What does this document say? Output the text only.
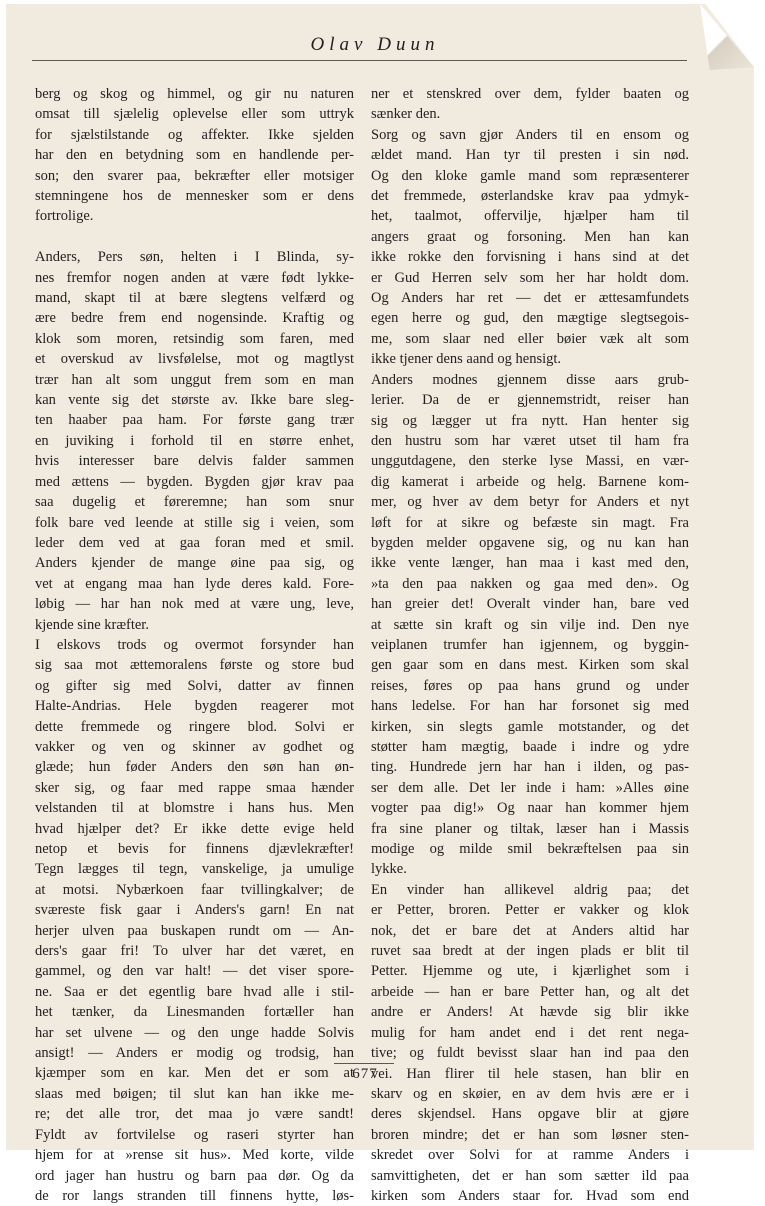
Olav Duun
berg og skog og himmel, og gir nu naturen
omsat till sjælelig oplevelse eller som uttryk
for sjælstilstande og affekter. Ikke sjelden
har den en betydning som en handlende per-
son; den svarer paa, bekræfter eller motsiger
stemningene hos de mennesker som er dens
fortrolige.
Anders, Pers søn, helten i I Blinda, sy-
nes fremfor nogen anden at være født lykke-
mand, skapt til at bære slegtens velfærd og
ære bedre frem end nogensinde. Kraftig og
klok som moren, retsindig som faren, med
et overskud av livsfølelse, mot og magtlyst
trær han alt som unggut frem som en man
kan vente sig det største av. Ikke bare sleg-
ten haaber paa ham. For første gang trær
en juviking i forhold til en større enhet,
hvis interesser bare delvis falder sammen
med ættens — bygden. Bygden gjør krav paa
saa dugelig et føreremne; han som snur
folk bare ved leende at stille sig i veien, som
leder dem ved at gaa foran med et smil.
Anders kjender de mange øine paa sig, og
vet at engang maa han lyde deres kald. Fore-
løbig — har han nok med at være ung, leve,
kjende sine kræfter.
I elskovs trods og overmot forsynder han
sig saa mot ættemoralens første og store bud
og gifter sig med Solvi, datter av finnen
Halte-Andrias. Hele bygden reagerer mot
dette fremmede og ringere blod. Solvi er
vakker og ven og skinner av godhet og
glæde; hun føder Anders den søn han øn-
sker sig, og faar med rappe smaa hænder
velstanden til at blomstre i hans hus. Men
hvad hjælper det? Er ikke dette evige held
netop et bevis for finnens djævlekræfter!
Tegn lægges til tegn, vanskelige, ja umulige
at motsi. Nybærkoen faar tvillingkalver; de
sværeste fisk gaar i Anders's garn! En nat
herjer ulven paa buskapen rundt om — An-
ders's gaar fri! To ulver har det været, en
gammel, og den var halt! — det viser spore-
ne. Saa er det egentlig bare hvad alle i stil-
het tænker, da Linesmanden fortæller han
har set ulvene — og den unge hadde Solvis
ansigt! — Anders er modig og trodsig, han
kjæmper som en kar. Men det er som at
slaas med bøigen; til slut kan han ikke me-
re; det alle tror, det maa jo være sandt!
Fyldt av fortvilelse og raseri styrter han
hjem for at »rense sit hus». Med korte, vilde
ord jager han hustru og barn paa dør. Og da
de ror langs stranden till finnens hytte, løs-
ner et stenskred over dem, fylder baaten og
sænker den.
Sorg og savn gjør Anders til en ensom og
ældet mand. Han tyr til presten i sin nød.
Og den kloke gamle mand som repræsenterer
det fremmede, østerlandske krav paa ydmyk-
het, taalmot, offervilje, hjælper ham til
angers graat og forsoning. Men han kan
ikke rokke den forvisning i hans sind at det
er Gud Herren selv som her har holdt dom.
Og Anders har ret — det er ættesamfundets
egen herre og gud, den mægtige slegtsegois-
me, som slaar ned eller bøier væk alt som
ikke tjener dens aand og hensigt.
Anders modnes gjennem disse aars grub-
lerier. Da de er gjennemstridt, reiser han
sig og lægger ut fra nytt. Han henter sig
den hustru som har været utset til ham fra
unggutdagene, den sterke lyse Massi, en vær-
dig kamerat i arbeide og helg. Barnene kom-
mer, og hver av dem betyr for Anders et nyt
løft for at sikre og befæste sin magt. Fra
bygden melder opgavene sig, og nu kan han
ikke vente længer, han maa i kast med den,
»ta den paa nakken og gaa med den». Og
han greier det! Overalt vinder han, bare ved
at sætte sin kraft og sin vilje ind. Den nye
veiplanen trumfer han igjennem, og byggin-
gen gaar som en dans mest. Kirken som skal
reises, føres op paa hans grund og under
hans ledelse. For han har forsonet sig med
kirken, sin slegts gamle motstander, og det
støtter ham mægtig, baade i indre og ydre
ting. Hundrede jern har han i ilden, og pas-
ser dem alle. Det ler inde i ham: »Alles øine
vogter paa dig!» Og naar han kommer hjem
fra sine planer og tiltak, læser han i Massis
modige og milde smil bekræftelsen paa sin
lykke.
En vinder han allikevel aldrig paa; det
er Petter, broren. Petter er vakker og klok
nok, det er bare det at Anders altid har
ruvet saa bredt at der ingen plads er blit til
Petter. Hjemme og ute, i kjærlighet som i
arbeide — han er bare Petter han, og alt det
andre er Anders! At hævde sig blir ikke
mulig for ham andet end i det rent nega-
tive; og fuldt bevisst slaar han ind paa den
vei. Han flirer til hele stasen, han blir en
skarv og en skøier, en av dem hvis ære er i
deres skjendsel. Hans opgave blir at gjøre
broren mindre; det er han som løsner sten-
skredet over Solvi for at ramme Anders i
samvittigheten, det er han som sætter ild paa
kirken som Anders staar for. Hvad som end
677
